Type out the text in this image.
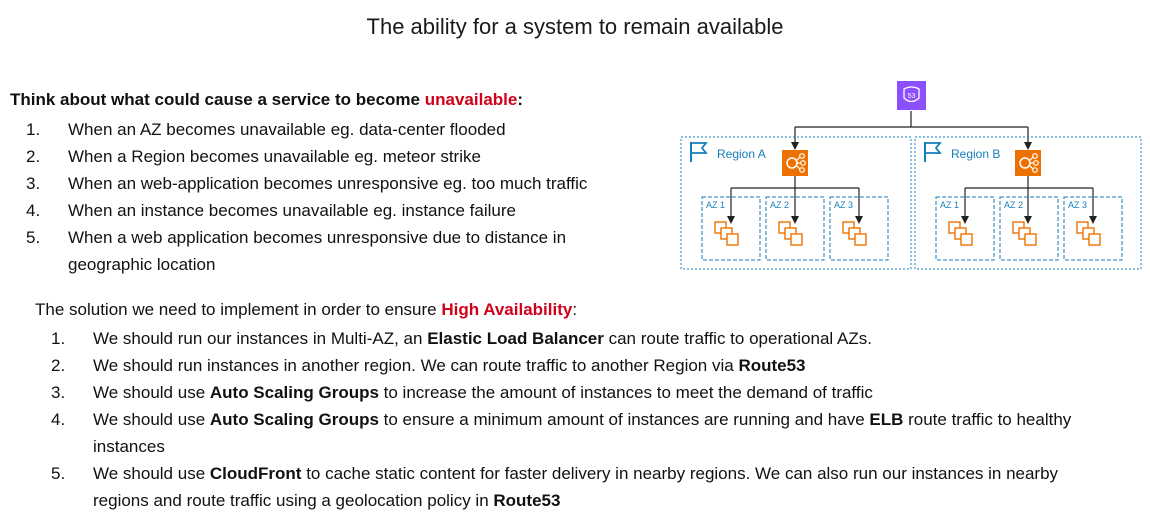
The ability for a system to remain available
Think about what could cause a service to become unavailable:
1. When an AZ becomes unavailable eg. data-center flooded
2. When a Region becomes unavailable eg. meteor strike
3. When an web-application becomes unresponsive eg. too much traffic
4. When an instance becomes unavailable eg. instance failure
5. When a web application becomes unresponsive due to distance in geographic location
The solution we need to implement in order to ensure High Availability:
1. We should run our instances in Multi-AZ, an Elastic Load Balancer can route traffic to operational AZs.
2. We should run instances in another region. We can route traffic to another Region via Route53
3. We should use Auto Scaling Groups to increase the amount of instances to meet the demand of traffic
4. We should use Auto Scaling Groups to ensure a minimum amount of instances are running and have ELB route traffic to healthy instances
5. We should use CloudFront to cache static content for faster delivery in nearby regions. We can also run our instances in nearby regions and route traffic using a geolocation policy in Route53
53
Region A
AZ 1	AZ 2	AZ 3
Region B
AZ 1	AZ 2	AZ 3
